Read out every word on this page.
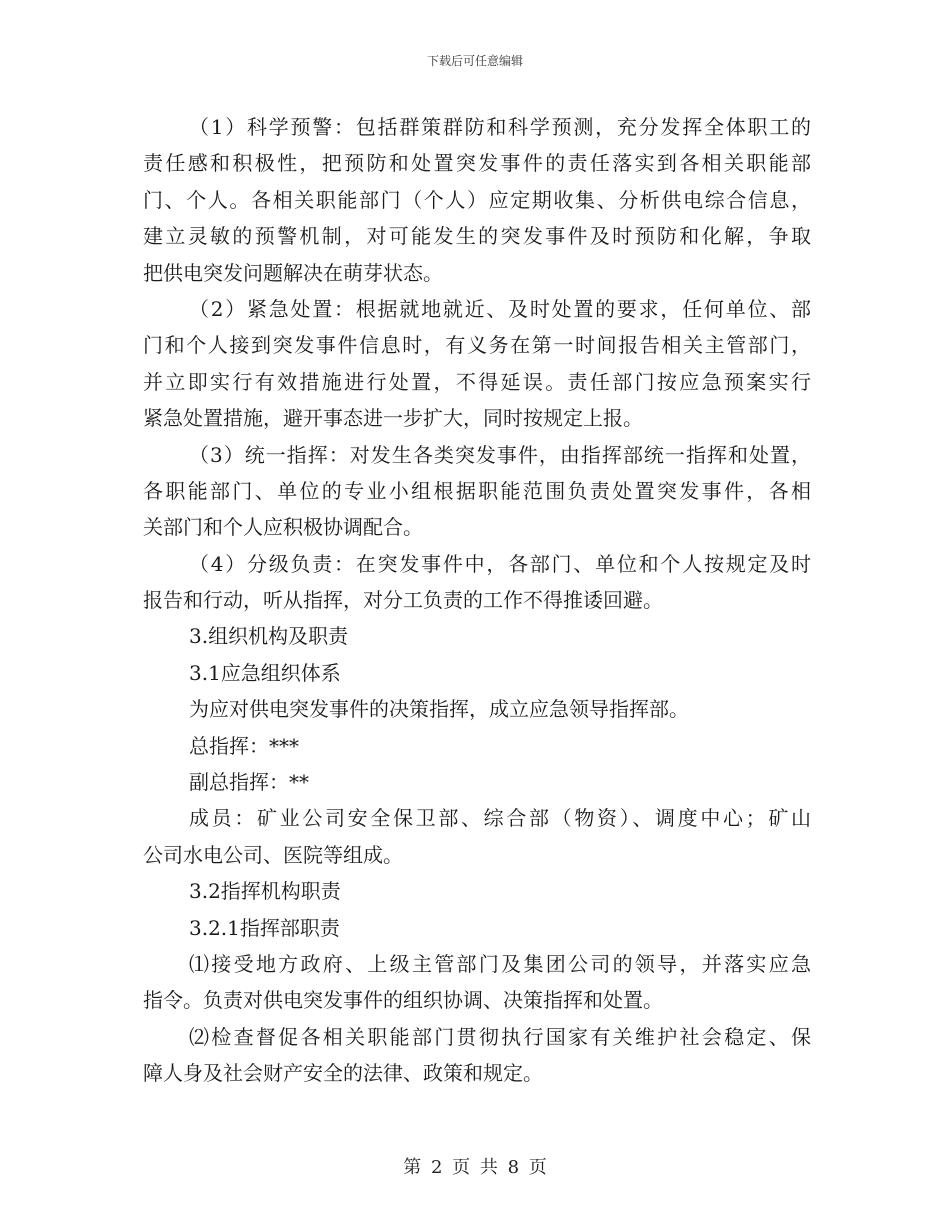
下载后可任意编辑
（1）科学预警：包括群策群防和科学预测，充分发挥全体职工的
责任感和积极性，把预防和处置突发事件的责任落实到各相关职能部
门、个人。各相关职能部门（个人）应定期收集、分析供电综合信息，
建立灵敏的预警机制，对可能发生的突发事件及时预防和化解，争取
把供电突发问题解决在萌芽状态。
（2）紧急处置：根据就地就近、及时处置的要求，任何单位、部
门和个人接到突发事件信息时，有义务在第一时间报告相关主管部门，
并立即实行有效措施进行处置，不得延误。责任部门按应急预案实行
紧急处置措施，避开事态进一步扩大，同时按规定上报。
（3）统一指挥：对发生各类突发事件，由指挥部统一指挥和处置，
各职能部门、单位的专业小组根据职能范围负责处置突发事件，各相
关部门和个人应积极协调配合。
（4）分级负责：在突发事件中，各部门、单位和个人按规定及时
报告和行动，听从指挥，对分工负责的工作不得推诿回避。
3.组织机构及职责
3.1应急组织体系
为应对供电突发事件的决策指挥，成立应急领导指挥部。
总指挥：***
副总指挥：**
成员：矿业公司安全保卫部、综合部（物资）、调度中心；矿山
公司水电公司、医院等组成。
3.2指挥机构职责
3.2.1指挥部职责
⑴接受地方政府、上级主管部门及集团公司的领导，并落实应急
指令。负责对供电突发事件的组织协调、决策指挥和处置。
⑵检查督促各相关职能部门贯彻执行国家有关维护社会稳定、保
障人身及社会财产安全的法律、政策和规定。
第 2 页 共 8 页
